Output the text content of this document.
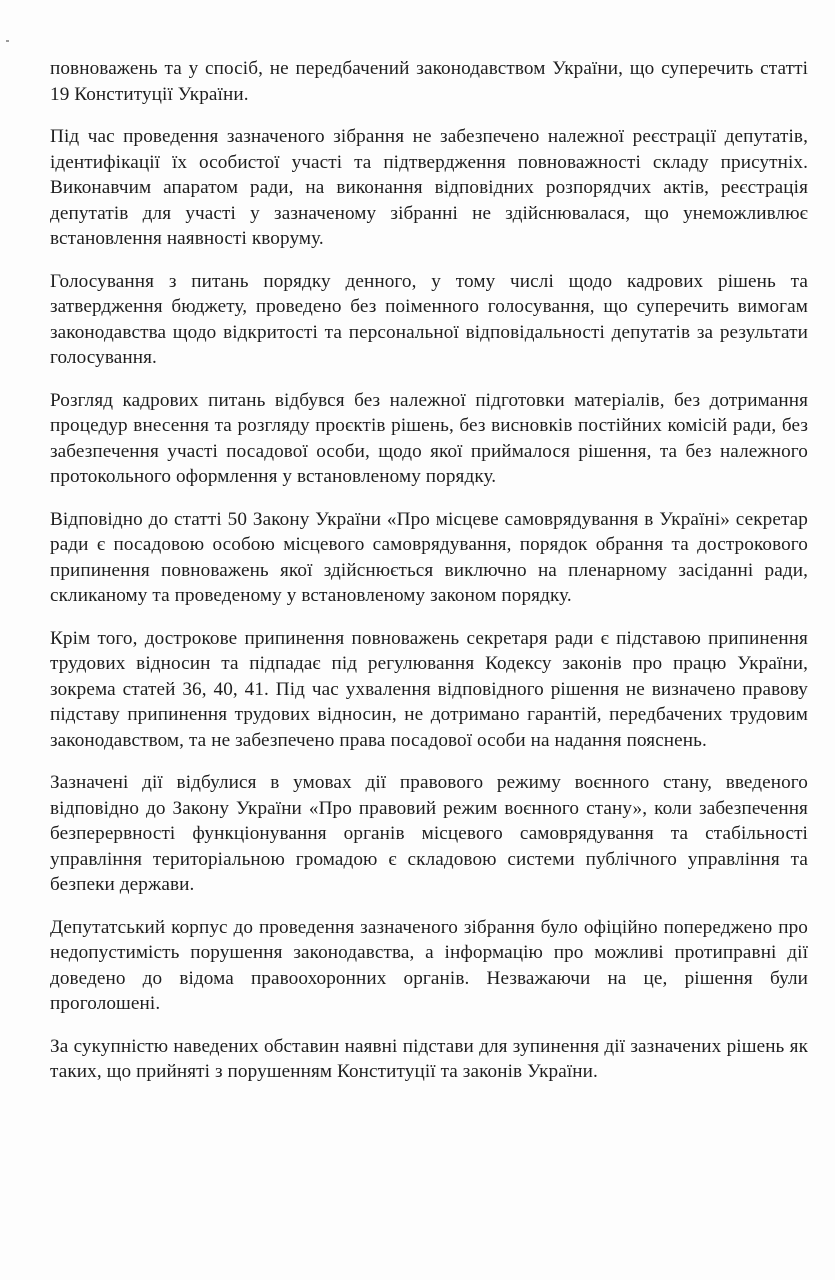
повноважень та у спосіб, не передбачений законодавством України, що суперечить статті 19 Конституції України.

Під час проведення зазначеного зібрання не забезпечено належної реєстрації депутатів, ідентифікації їх особистої участі та підтвердження повноважності складу присутніх. Виконавчим апаратом ради, на виконання відповідних розпорядчих актів, реєстрація депутатів для участі у зазначеному зібранні не здійснювалася, що унеможливлює встановлення наявності кворуму.

Голосування з питань порядку денного, у тому числі щодо кадрових рішень та затвердження бюджету, проведено без поіменного голосування, що суперечить вимогам законодавства щодо відкритості та персональної відповідальності депутатів за результати голосування.

Розгляд кадрових питань відбувся без належної підготовки матеріалів, без дотримання процедур внесення та розгляду проєктів рішень, без висновків постійних комісій ради, без забезпечення участі посадової особи, щодо якої приймалося рішення, та без належного протокольного оформлення у встановленому порядку.

Відповідно до статті 50 Закону України «Про місцеве самоврядування в Україні» секретар ради є посадовою особою місцевого самоврядування, порядок обрання та дострокового припинення повноважень якої здійснюється виключно на пленарному засіданні ради, скликаному та проведеному у встановленому законом порядку.

Крім того, дострокове припинення повноважень секретаря ради є підставою припинення трудових відносин та підпадає під регулювання Кодексу законів про працю України, зокрема статей 36, 40, 41. Під час ухвалення відповідного рішення не визначено правову підставу припинення трудових відносин, не дотримано гарантій, передбачених трудовим законодавством, та не забезпечено права посадової особи на надання пояснень.

Зазначені дії відбулися в умовах дії правового режиму воєнного стану, введеного відповідно до Закону України «Про правовий режим воєнного стану», коли забезпечення безперервності функціонування органів місцевого самоврядування та стабільності управління територіальною громадою є складовою системи публічного управління та безпеки держави.

Депутатський корпус до проведення зазначеного зібрання було офіційно попереджено про недопустимість порушення законодавства, а інформацію про можливі протиправні дії доведено до відома правоохоронних органів. Незважаючи на це, рішення були проголошені.

За сукупністю наведених обставин наявні підстави для зупинення дії зазначених рішень як таких, що прийняті з порушенням Конституції та законів України.
